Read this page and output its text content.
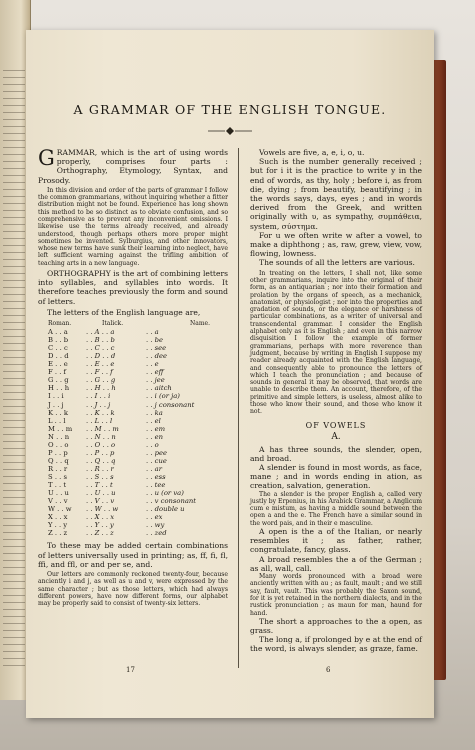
A GRAMMAR OF THE ENGLISH TONGUE.

GRAMMAR, which is the art of using words properly, comprises four parts : Orthography, Etymology, Syntax, and Prosody.

In this division and order of the parts of grammar I follow the common grammarians, without inquiring whether a fitter distribution might not be found. Experience has long shown this method to be so distinct as to obviate confusion, and so comprehensive as to prevent any inconvenient omissions. I likewise use the terms already received, and already understood, though perhaps others more proper might sometimes be invented. Sylburgius, and other innovators, whose new terms have sunk their learning into neglect, have left sufficient warning against the trifling ambition of teaching arts in a new language.

ORTHOGRAPHY is the art of combining letters into syllables, and syllables into words. It therefore teaches previously the form and sound of letters.

The letters of the English language are,

Roman.	Italick.	Name.
A . . a	. . A . . a	. . a
B . . b	. . B . . b	. . be
C . . c	. . C . . c	. . see
D . . d	. . D . . d	. . dee
E . . e	. . E . . e	. . e
F . . f	. . F . . f	. . eff
G . . g	. . G . . g	. . jee
H . . h	. . H . . h	. . aitch
I . . i	. . I . . i	. . i (or ja)
J . . j	. . J . . j	. . j consonant
K . . k	. . K . . k	. . ka
L . . l	. . L . . l	. . el
M . . m	. . M . . m	. . em
N . . n	. . N . . n	. . en
O . . o	. . O . . o	. . o
P . . p	. . P . . p	. . pee
Q . . q	. . Q . . q	. . cue
R . . r	. . R . . r	. . ar
S . . s	. . S . . s	. . ess
T . . t	. . T . . t	. . tee
U . . u	. . U . . u	. . u (or va)
V . . v	. . V . . v	. . v consonant
W . . w	. . W . . w	. . double u
X . . x	. . X . . x	. . ex
Y . . y	. . Y . . y	. . wy
Z . . z	. . Z . . z	. . zed

To these may be added certain combinations of letters universally used in printing; as, ff, fi, fl, ffi, and ffl, or and per se, and.

Our letters are commonly reckoned twenty-four, because anciently i and j, as well as u and v, were expressed by the same character ; but as those letters, which had always different powers, have now different forms, our alphabet may be properly said to consist of twenty-six letters.

Vowels are five, a, e, i, o, u.

Such is the number generally received ; but for i it is the practice to write y in the end of words, as thy, holy ; before i, as from die, dying ; from beautify, beautifying ; in the words says, days, eyes ; and in words derived from the Greek, and written originally with υ, as sympathy, συμπάθεια, system, σύστημα.

For u we often write w after a vowel, to make a diphthong ; as, raw, grew, view, vow, flowing, lowness.

The sounds of all the letters are various.

In treating on the letters, I shall not, like some other grammarians, inquire into the original of their form, as an antiquarian ; nor into their formation and prolation by the organs of speech, as a mechanick, anatomist, or physiologist ; nor into the properties and gradation of sounds, or the elegance or harshness of particular combinations, as a writer of universal and transcendental grammar. I consider the English alphabet only as it is English ; and even in this narrow disquisition I follow the example of former grammarians, perhaps with more reverence than judgment, because by writing in English I suppose my reader already acquainted with the English language, and consequently able to pronounce the letters of which I teach the pronunciation ; and because of sounds in general it may be observed, that words are unable to describe them. An account, therefore, of the primitive and simple letters, is useless, almost alike to those who know their sound, and those who know it not.

OF VOWELS
A.

A has three sounds, the slender, open, and broad.

A slender is found in most words, as face, mane ; and in words ending in ation, as creation, salvation, generation.

The a slender is the proper English a, called very justly by Erpenius, in his Arabick Grammar, a Anglicum cum e mistum, as having a middle sound between the open a and the e. The French have a similar sound in the word pais, and in their e masculine.

A open is the a of the Italian, or nearly resembles it ; as father, rather, congratulate, fancy, glass.

A broad resembles the a of the German ; as all, wall, call.

Many words pronounced with a broad were anciently written with au ; as fault, mault ; and we still say, fault, vault. This was probably the Saxon sound, for it is yet retained in the northern dialects, and in the rustick pronunciation ; as maun for man, haund for hand.

The short a approaches to the a open, as grass.

The long a, if prolonged by e at the end of the word, is always slender, as graze, fame.

17	6
